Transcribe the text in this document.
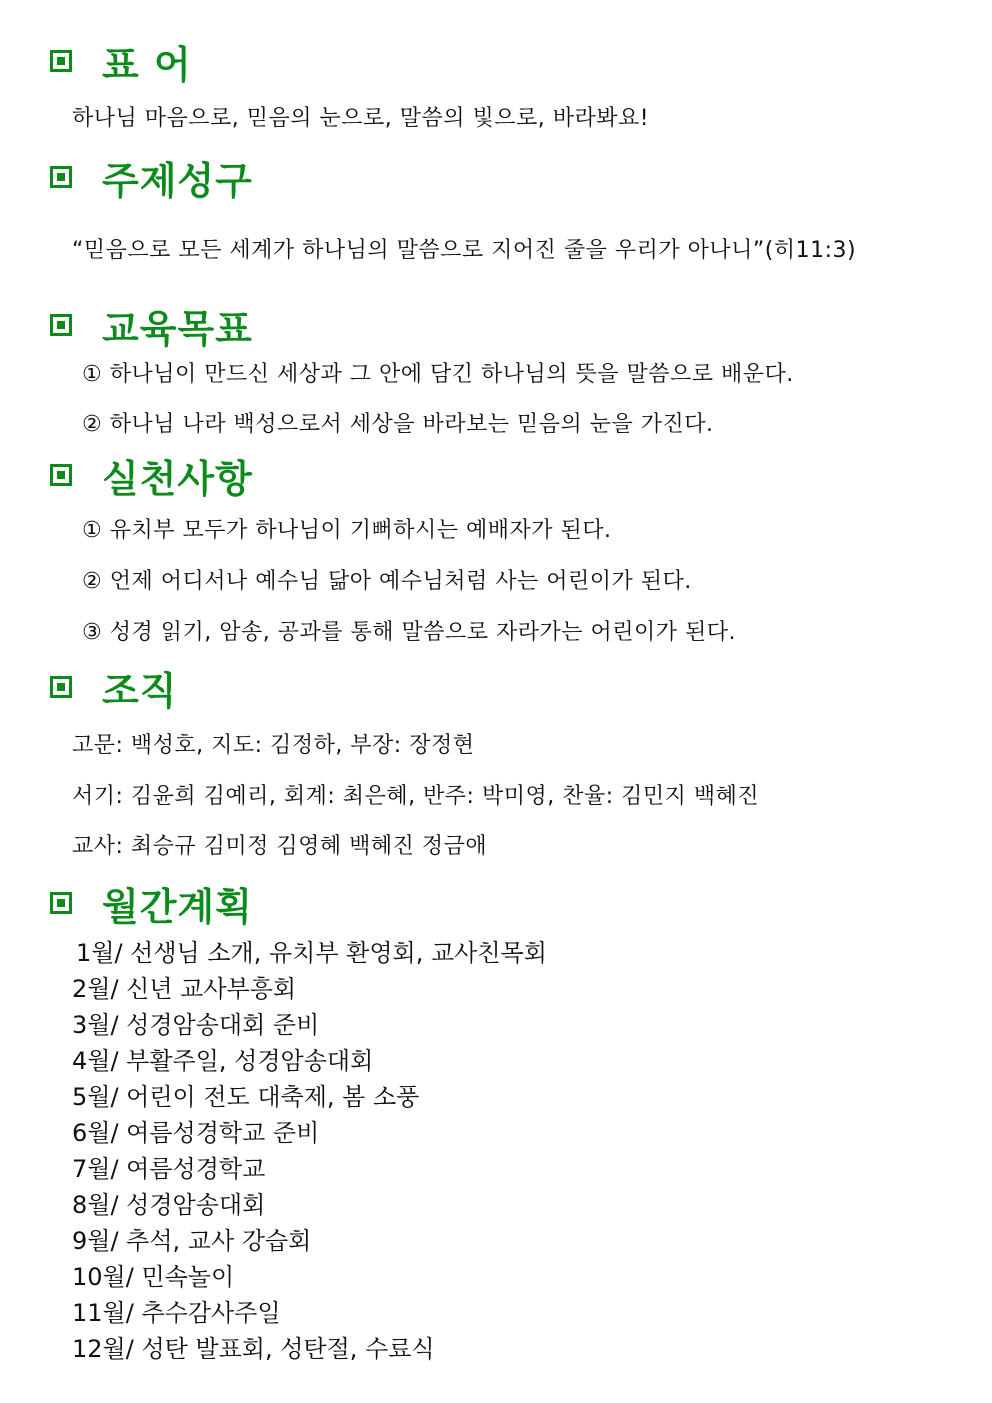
표 어
하나님 마음으로, 믿음의 눈으로, 말씀의 빛으로, 바라봐요!
주제성구
“믿음으로 모든 세계가 하나님의 말씀으로 지어진 줄을 우리가 아나니”(히11:3)
교육목표
① 하나님이 만드신 세상과 그 안에 담긴 하나님의 뜻을 말씀으로 배운다.
② 하나님 나라 백성으로서 세상을 바라보는 믿음의 눈을 가진다.
실천사항
① 유치부 모두가 하나님이 기뻐하시는 예배자가 된다.
② 언제 어디서나 예수님 닮아 예수님처럼 사는 어린이가 된다.
③ 성경 읽기, 암송, 공과를 통해 말씀으로 자라가는 어린이가 된다.
조직
고문: 백성호, 지도: 김정하, 부장: 장정현
서기: 김윤희 김예리, 회계: 최은혜, 반주: 박미영, 찬율: 김민지 백혜진
교사: 최승규 김미정 김영혜 백혜진 정금애
월간계획
1월/ 선생님 소개, 유치부 환영회, 교사친목회
2월/ 신년 교사부흥회
3월/ 성경암송대회 준비
4월/ 부활주일, 성경암송대회
5월/ 어린이 전도 대축제, 봄 소풍
6월/ 여름성경학교 준비
7월/ 여름성경학교
8월/ 성경암송대회
9월/ 추석, 교사 강습회
10월/ 민속놀이
11월/ 추수감사주일
12월/ 성탄 발표회, 성탄절, 수료식
